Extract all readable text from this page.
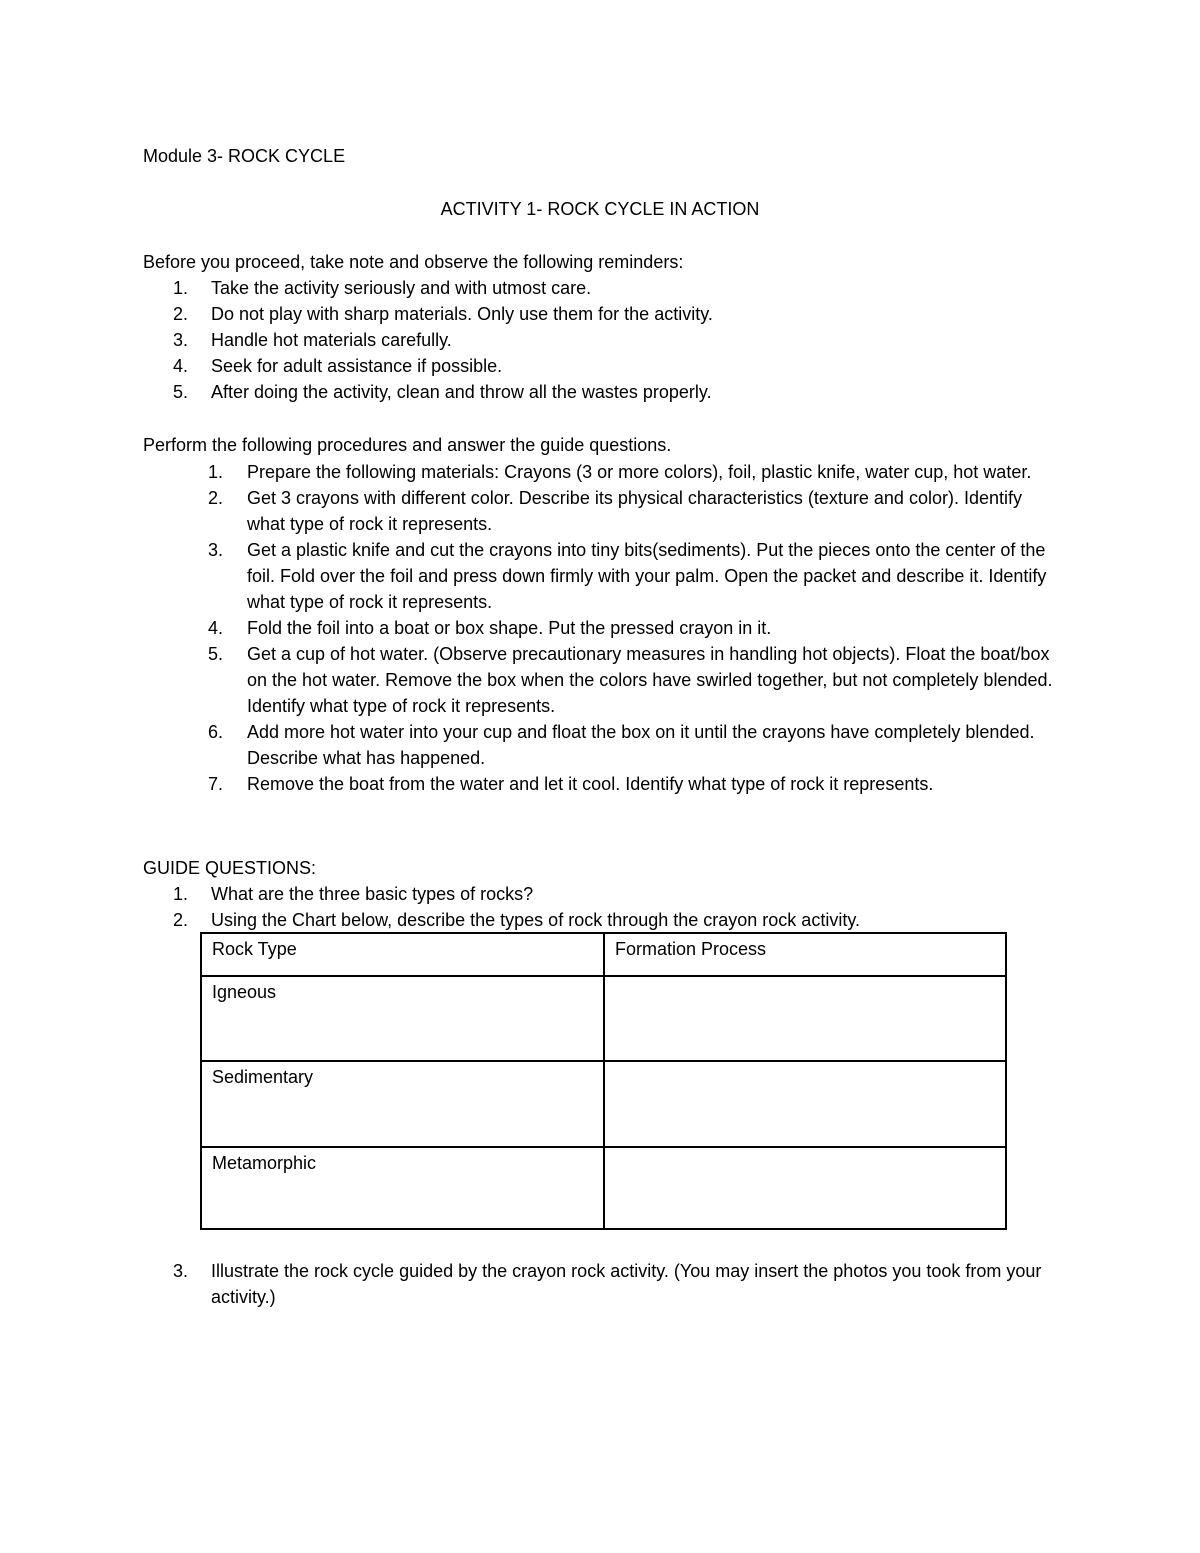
Module 3- ROCK CYCLE
ACTIVITY 1- ROCK CYCLE IN ACTION
Before you proceed, take note and observe the following reminders:
1. Take the activity seriously and with utmost care.
2. Do not play with sharp materials. Only use them for the activity.
3. Handle hot materials carefully.
4. Seek for adult assistance if possible.
5. After doing the activity, clean and throw all the wastes properly.
Perform the following procedures and answer the guide questions.
1. Prepare the following materials: Crayons (3 or more colors), foil, plastic knife, water cup, hot water.
2. Get 3 crayons with different color. Describe its physical characteristics (texture and color). Identify what type of rock it represents.
3. Get a plastic knife and cut the crayons into tiny bits(sediments). Put the pieces onto the center of the foil. Fold over the foil and press down firmly with your palm. Open the packet and describe it. Identify what type of rock it represents.
4. Fold the foil into a boat or box shape. Put the pressed crayon in it.
5. Get a cup of hot water. (Observe precautionary measures in handling hot objects). Float the boat/box on the hot water. Remove the box when the colors have swirled together, but not completely blended. Identify what type of rock it represents.
6. Add more hot water into your cup and float the box on it until the crayons have completely blended. Describe what has happened.
7. Remove the boat from the water and let it cool. Identify what type of rock it represents.
GUIDE QUESTIONS:
1. What are the three basic types of rocks?
2. Using the Chart below, describe the types of rock through the crayon rock activity.
Rock Type	Formation Process
Igneous	
Sedimentary	
Metamorphic	
3. Illustrate the rock cycle guided by the crayon rock activity. (You may insert the photos you took from your activity.)
